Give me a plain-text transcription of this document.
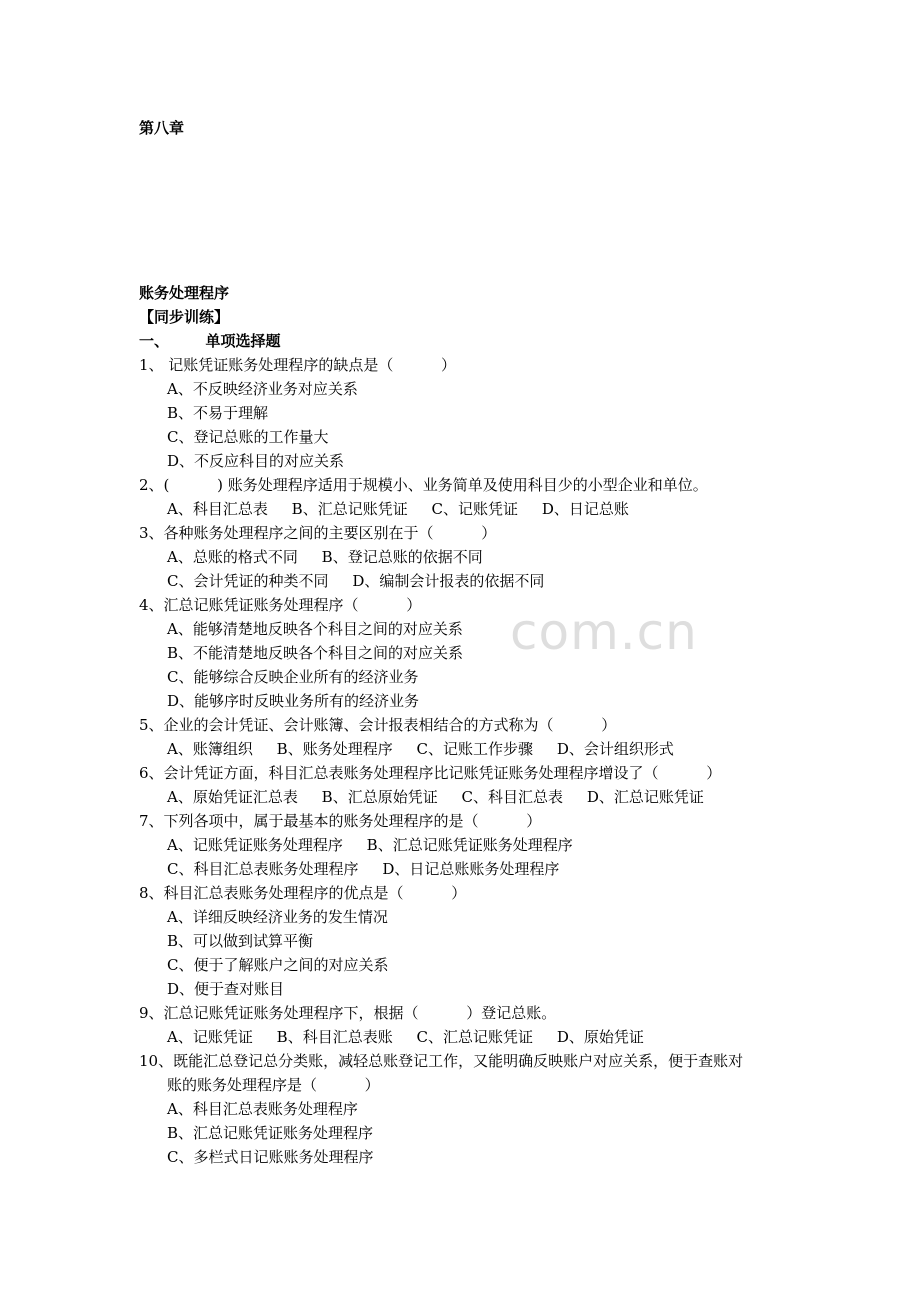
com.cn
第八章
账务处理程序
【同步训练】
一、       单项选择题
1、 记账凭证账务处理程序的缺点是（          ）
A、不反映经济业务对应关系
B、不易于理解
C、登记总账的工作量大
D、不反应科目的对应关系
2、(          ) 账务处理程序适用于规模小、业务简单及使用科目少的小型企业和单位。
A、科目汇总表     B、汇总记账凭证     C、记账凭证     D、日记总账
3、各种账务处理程序之间的主要区别在于（          ）
A、总账的格式不同     B、登记总账的依据不同
C、会计凭证的种类不同     D、编制会计报表的依据不同
4、汇总记账凭证账务处理程序（          ）
A、能够清楚地反映各个科目之间的对应关系
B、不能清楚地反映各个科目之间的对应关系
C、能够综合反映企业所有的经济业务
D、能够序时反映业务所有的经济业务
5、企业的会计凭证、会计账簿、会计报表相结合的方式称为（          ）
A、账簿组织     B、账务处理程序     C、记账工作步骤     D、会计组织形式
6、会计凭证方面，科目汇总表账务处理程序比记账凭证账务处理程序增设了（          ）
A、原始凭证汇总表     B、汇总原始凭证     C、科目汇总表     D、汇总记账凭证
7、下列各项中，属于最基本的账务处理程序的是（          ）
A、记账凭证账务处理程序     B、汇总记账凭证账务处理程序
C、科目汇总表账务处理程序     D、日记总账账务处理程序
8、科目汇总表账务处理程序的优点是（          ）
A、详细反映经济业务的发生情况
B、可以做到试算平衡
C、便于了解账户之间的对应关系
D、便于查对账目
9、汇总记账凭证账务处理程序下，根据（          ）登记总账。
A、记账凭证     B、科目汇总表账     C、汇总记账凭证     D、原始凭证
10、既能汇总登记总分类账，减轻总账登记工作，又能明确反映账户对应关系，便于查账对
账的账务处理程序是（          ）
A、科目汇总表账务处理程序
B、汇总记账凭证账务处理程序
C、多栏式日记账账务处理程序
